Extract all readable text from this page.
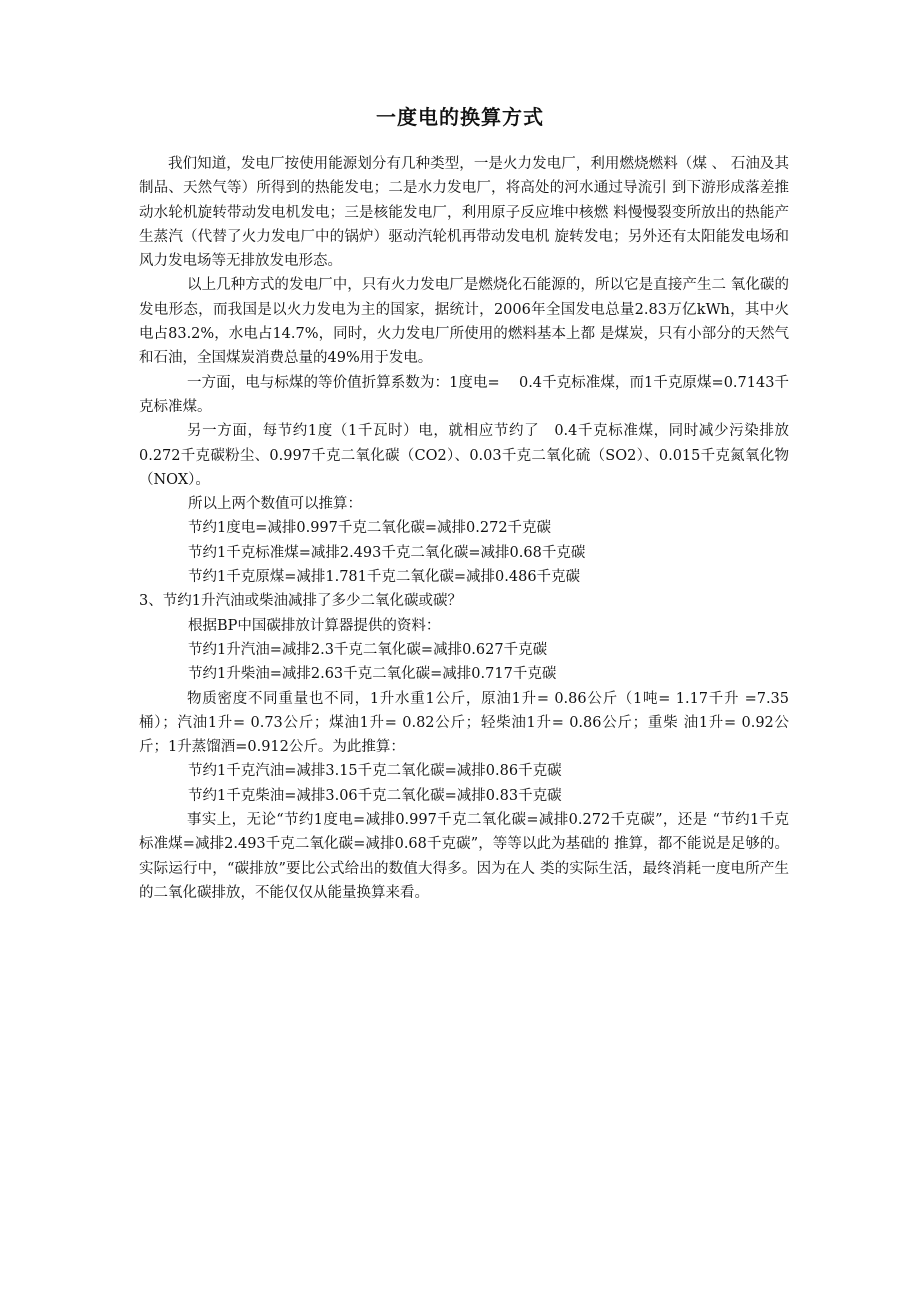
一度电的换算方式

我们知道，发电厂按使用能源划分有几种类型，一是火力发电厂，利用燃烧燃料（煤 、 石油及其制品、天然气等）所得到的热能发电；二是水力发电厂，将高处的河水通过导流引 到下游形成落差推动水轮机旋转带动发电机发电；三是核能发电厂，利用原子反应堆中核燃 料慢慢裂变所放出的热能产生蒸汽（代替了火力发电厂中的锅炉）驱动汽轮机再带动发电机 旋转发电；另外还有太阳能发电场和风力发电场等无排放发电形态。

以上几种方式的发电厂中，只有火力发电厂是燃烧化石能源的，所以它是直接产生二 氧化碳的发电形态，而我国是以火力发电为主的国家，据统计，2006年全国发电总量2.83万亿kWh，其中火电占83.2%，水电占14.7%，同时，火力发电厂所使用的燃料基本上都 是煤炭，只有小部分的天然气和石油，全国煤炭消费总量的49%用于发电。

一方面，电与标煤的等价值折算系数为：1度电=　 0.4千克标准煤，而1千克原煤=0.7143千克标准煤。

另一方面，每节约1度（1千瓦时）电，就相应节约了　0.4千克标准煤，同时减少污染排放0.272千克碳粉尘、0.997千克二氧化碳（CO2）、0.03千克二氧化硫（SO2）、0.015千克氮氧化物（NOX）。

所以上两个数值可以推算：

节约1度电=减排0.997千克二氧化碳=减排0.272千克碳

节约1千克标准煤=减排2.493千克二氧化碳=减排0.68千克碳

节约1千克原煤=减排1.781千克二氧化碳=减排0.486千克碳

3、节约1升汽油或柴油减排了多少二氧化碳或碳？

根据BP中国碳排放计算器提供的资料：

节约1升汽油=减排2.3千克二氧化碳=减排0.627千克碳

节约1升柴油=减排2.63千克二氧化碳=减排0.717千克碳

物质密度不同重量也不同，1升水重1公斤，原油1升= 0.86公斤（1吨= 1.17千升 =7.35桶）；汽油1升= 0.73公斤；煤油1升= 0.82公斤；轻柴油1升= 0.86公斤；重柴 油1升= 0.92公斤；1升蒸馏酒=0.912公斤。为此推算：

节约1千克汽油=减排3.15千克二氧化碳=减排0.86千克碳

节约1千克柴油=减排3.06千克二氧化碳=减排0.83千克碳

事实上，无论“节约1度电=减排0.997千克二氧化碳=减排0.272千克碳”，还是 “节约1千克标准煤=减排2.493千克二氧化碳=减排0.68千克碳”，等等以此为基础的 推算，都不能说是足够的。实际运行中，“碳排放”要比公式给出的数值大得多。因为在人 类的实际生活，最终消耗一度电所产生的二氧化碳排放，不能仅仅从能量换算来看。
